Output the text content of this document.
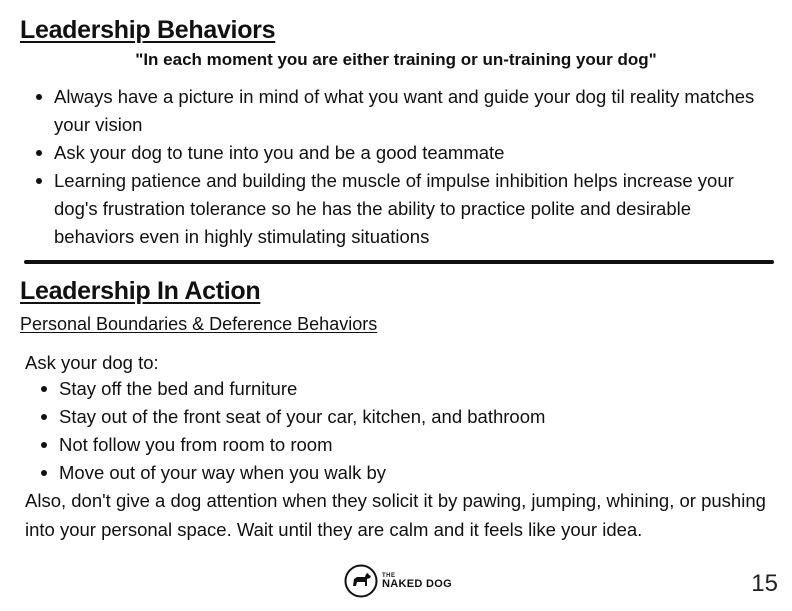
Leadership Behaviors

"In each moment you are either training or un-training your dog"

Always have a picture in mind of what you want and guide your dog til reality matches your vision
Ask your dog to tune into you and be a good teammate
Learning patience and building the muscle of impulse inhibition helps increase your dog's frustration tolerance so he has the ability to practice polite and desirable behaviors even in highly stimulating situations
Leadership In Action
Personal Boundaries & Deference Behaviors
Ask your dog to:
Stay off the bed and furniture
Stay out of the front seat of your car, kitchen, and bathroom
Not follow you from room to room
Move out of your way when you walk by
Also, don't give a dog attention when they solicit it by pawing, jumping, whining, or pushing into your personal space. Wait until they are calm and it feels like your idea.
THE
NAKED DOG	15
